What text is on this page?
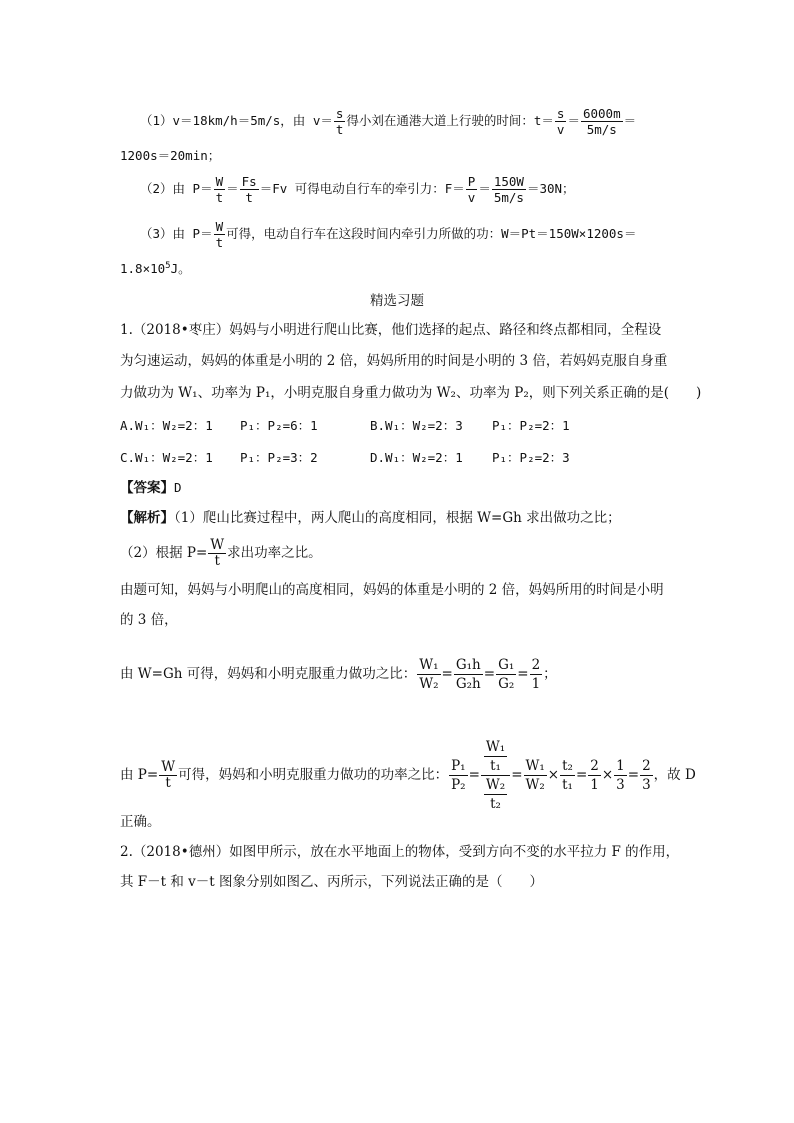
（1）v＝18km/h＝5m/s，由 $v= \frac{s}{t}$ 得小刘在通港大道上行驶的时间：$t= \frac{s}{v} = \frac{6000m}{5m/s}$ ＝
1200s＝20min；
（2）由 $P= \frac{W}{t} = \frac{Fs}{t} =Fv$ 可得电动自行车的牵引力：$F= \frac{P}{v} = \frac{150W}{5m/s} =30N$；
（3）由 $P= \frac{W}{t}$ 可得，电动自行车在这段时间内牵引力所做的功：W＝Pt＝150W×1200s＝
$1.8\times 10^5J$。
精选习题
1.（2018•枣庄）妈妈与小明进行爬山比赛，他们选择的起点、路径和终点都相同，全程设
为匀速运动，妈妈的体重是小明的 2 倍，妈妈所用的时间是小明的 3 倍，若妈妈克服自身重
力做功为 W₁、功率为 P₁，小明克服自身重力做功为 W₂、功率为 P₂，则下列关系正确的是(　　)
A.W₁：W₂=2：1 P₁：P₂=6：1	B.W₁：W₂=2：3 P₁：P₂=2：1
C.W₁：W₂=2：1 P₁：P₂=3：2	D.W₁：W₂=2：1 P₁：P₂=2：3
【答案】D
【解析】（1）爬山比赛过程中，两人爬山的高度相同，根据 W=Gh 求出做功之比；
（2）根据 $P= \frac{W}{t}$ 求出功率之比。
由题可知，妈妈与小明爬山的高度相同，妈妈的体重是小明的 2 倍，妈妈所用的时间是小明
的 3 倍，
由 W=Gh 可得，妈妈和小明克服重力做功之比： $\frac{\text{W₁}}{\text{W₂}} = \frac{\text{G₁h}}{\text{G₂h}} = \frac{\text{G₁}}{\text{G₂}} = \frac{2}{1}$ ；
由 $P= \frac{W}{t}$ 可得，妈妈和小明克服重力做功的功率之比： $\frac{\text{P₁}}{\text{P₂}} = \frac{\frac{\text{W₁}}{\text{t₁}}}{\frac{\text{W₂}}{\text{t₂}}} = \frac{\text{W₁}}{\text{W₂}} \times \frac{\text{t₂}}{\text{t₁}} = \frac{2}{1} \times \frac{1}{3} = \frac{2}{3}$ ，故 D
正确。
2.（2018•德州）如图甲所示，放在水平地面上的物体，受到方向不变的水平拉力 F 的作用，
其 F－t 和 v－t 图象分别如图乙、丙所示，下列说法正确的是（　　）
